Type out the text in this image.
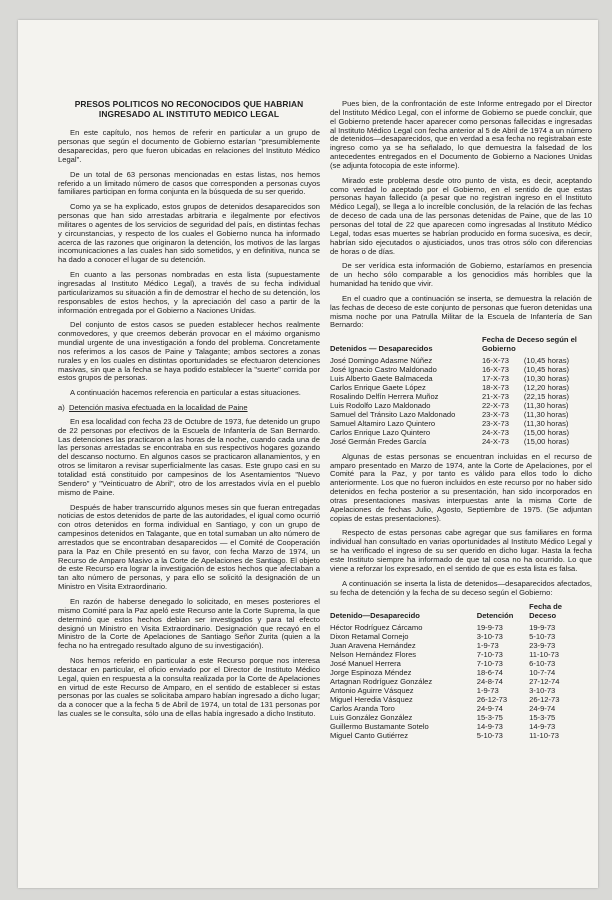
PRESOS POLITICOS NO RECONOCIDOS QUE HABRIAN INGRESADO AL INSTITUTO MEDICO LEGAL

En este capítulo, nos hemos de referir en particular a un grupo de personas que según el documento de Gobierno estarían "presumiblemente desaparecidas, pero que fueron ubicadas en relaciones del Instituto Médico Legal".

De un total de 63 personas mencionadas en estas listas, nos hemos referido a un limitado número de casos que corresponden a personas cuyos familiares participan en forma conjunta en la búsqueda de su ser querido.

Como ya se ha explicado, estos grupos de detenidos desaparecidos son personas que han sido arrestadas arbitraria e ilegalmente por efectivos militares o agentes de los servicios de seguridad del país, en distintas fechas y circunstancias, y respecto de los cuales el Gobierno nunca ha informado acerca de las razones que originaron la detención, los motivos de las largas incomunicaciones a las cuales han sido sometidos, y en definitiva, nunca se ha dado a conocer el lugar de su detención.

En cuanto a las personas nombradas en esta lista (supuestamente ingresadas al Instituto Médico Legal), a través de su fecha individual particularizamos su situación a fin de demostrar el hecho de su detención, los responsables de estos hechos, y la apreciación del caso a partir de la información entregada por el Gobierno a Naciones Unidas.

Del conjunto de estos casos se pueden establecer hechos realmente conmovedores, y que creemos deberán provocar en el máximo organismo mundial urgente de una investigación a fondo del problema. Concretamente nos referimos a los casos de Paine y Talagante; ambos sectores a zonas rurales y en los cuales en distintas oportunidades se efectuaron detenciones masivas, sin que a la fecha se haya podido establecer la "suerte" corrida por estos grupos de personas.

A continuación hacemos referencia en particular a estas situaciones.

a) Detención masiva efectuada en la localidad de Paine

En esa localidad con fecha 23 de Octubre de 1973, fue detenido un grupo de 22 personas por efectivos de la Escuela de Infantería de San Bernardo. Las detenciones las practicaron a las horas de la noche, cuando cada una de las personas arrestadas se encontraba en sus respectivos hogares gozando del descanso nocturno. En algunos casos se practicaron allanamientos, y en otros se limitaron a revisar superficialmente las casas. Este grupo casi en su totalidad está constituido por campesinos de los Asentamientos "Nuevo Sendero" y "Veinticuatro de Abril", otro de los arrestados vivía en el pueblo mismo de Paine.

Después de haber transcurrido algunos meses sin que fueran entregadas noticias de estos detenidos de parte de las autoridades, el igual como ocurrió con otros detenidos en forma individual en Santiago, y con un grupo de campesinos detenidos en Talagante, que en total sumaban un alto número de arrestados que se encontraban desaparecidos — el Comité de Cooperación para la Paz en Chile presentó en su favor, con fecha Marzo de 1974, un Recurso de Amparo Masivo a la Corte de Apelaciones de Santiago. El objeto de este Recurso era lograr la investigación de estos hechos que afectaban a tan alto número de personas, y para ello se solicitó la designación de un Ministro en Visita Extraordinario.

En razón de haberse denegado lo solicitado, en meses posteriores el mismo Comité para la Paz apeló este Recurso ante la Corte Suprema, la que determinó que estos hechos debían ser investigados y para tal efecto designó un Ministro en Visita Extraordinario. Designación que recayó en el Ministro de la Corte de Apelaciones de Santiago Señor Zurita (quien a la fecha no ha entregado resultado alguno de su investigación).

Nos hemos referido en particular a este Recurso porque nos interesa destacar en particular, el oficio enviado por el Director de Instituto Médico Legal, quien en respuesta a la consulta realizada por la Corte de Apelaciones en virtud de este Recurso de Amparo, en el sentido de establecer si estas personas por las cuales se solicitaba amparo habían ingresado a dicho lugar; da a conocer que a la fecha 5 de Abril de 1974, un total de 131 personas por las cuales se le consulta, sólo una de ellas había ingresado a dicho Instituto.

Pues bien, de la confrontación de este Informe entregado por el Director del Instituto Médico Legal, con el informe de Gobierno se puede concluir, que el Gobierno pretende hacer aparecer como personas fallecidas e ingresadas al Instituto Médico Legal con fecha anterior al 5 de Abril de 1974 a un número de detenidos—desaparecidos, que en verdad a esa fecha no registraban este ingreso como ya se ha señalado, lo que demuestra la falsedad de los antecedentes entregados en el Documento de Gobierno a Naciones Unidas (se adjunta fotocopia de este informe).

Mirado este problema desde otro punto de vista, es decir, aceptando como verdad lo aceptado por el Gobierno, en el sentido de que estas personas hayan fallecido (a pesar que no registran ingreso en el Instituto Médico Legal), se llega a lo increíble conclusión, de la relación de las fechas de deceso de cada una de las personas detenidas de Paine, que de las 10 personas del total de 22 que aparecen como ingresadas al Instituto Médico Legal, todas esas muertes se habrían producido en forma sucesiva, es decir, habrían sido ejecutados o ajusticiados, unos tras otros sólo con diferencias de horas o de días.

De ser verídica esta información de Gobierno, estaríamos en presencia de un hecho sólo comparable a los genocidios más horribles que la humanidad ha tenido que vivir.

En el cuadro que a continuación se inserta, se demuestra la relación de las fechas de deceso de este conjunto de personas que fueron detenidas una misma noche por una Patrulla Militar de la Escuela de Infantería de San Bernardo:

Detenidos — Desaparecidos	Fecha de Deceso según el Gobierno	
José Domingo Adasme Núñez	16-X-73	(10,45 horas)
José Ignacio Castro Maldonado	16-X-73	(10,45 horas)
Luis Alberto Gaete Balmaceda	17-X-73	(10,30 horas)
Carlos Enrique Gaete López	18-X-73	(12,20 horas)
Rosalindo Delfín Herrera Muñoz	21-X-73	(22,15 horas)
Luis Rodolfo Lazo Maldonado	22-X-73	(11,30 horas)
Samuel del Tránsito Lazo Maldonado	23-X-73	(11,30 horas)
Samuel Altamiro Lazo Quintero	23-X-73	(11,30 horas)
Carlos Enrique Lazo Quintero	24-X-73	(15,00 horas)
José Germán Fredes García	24-X-73	(15,00 horas)

Algunas de estas personas se encuentran incluidas en el recurso de amparo presentado en Marzo de 1974, ante la Corte de Apelaciones, por el Comité para la Paz, y por tanto es válido para ellos todo lo dicho anteriormente. Los que no fueron incluidos en este recurso por no haber sido detenidos en fecha posterior a su presentación, han sido incorporados en otras presentaciones masivas interpuestas ante la misma Corte de Apelaciones de fechas Julio, Agosto, Septiembre de 1975. (Se adjuntan copias de estas presentaciones).

Respecto de estas personas cabe agregar que sus familiares en forma individual han consultado en varias oportunidades al Instituto Médico Legal y se ha verificado el ingreso de su ser querido en dicho lugar. Hasta la fecha este Instituto siempre ha informado de que tal cosa no ha ocurrido. Lo que viene a reforzar los expresado, en el sentido de que es esta lista es falsa.

A continuación se inserta la lista de detenidos—desaparecidos afectados, su fecha de detención y la fecha de su deceso según el Gobierno:

Detenido—Desaparecido	Detención	Fecha de Deceso
Héctor Rodríguez Cárcamo	19-9-73	19-9-73
Dixon Retamal Cornejo	3-10-73	5-10-73
Juan Aravena Hernández	1-9-73	23-9-73
Nelson Hernández Flores	7-10-73	11-10-73
José Manuel Herrera	7-10-73	6-10-73
Jorge Espinoza Méndez	18-6-74	10-7-74
Artagnan Rodríguez González	24-8-74	27-12-74
Antonio Aguirre Vásquez	1-9-73	3-10-73
Miguel Heredia Vásquez	26-12-73	26-12-73
Carlos Aranda Toro	24-9-74	24-9-74
Luis González González	15-3-75	15-3-75
Guillermo Bustamante Sotelo	14-9-73	14-9-73
Miguel Canto Gutiérrez	5-10-73	11-10-73
